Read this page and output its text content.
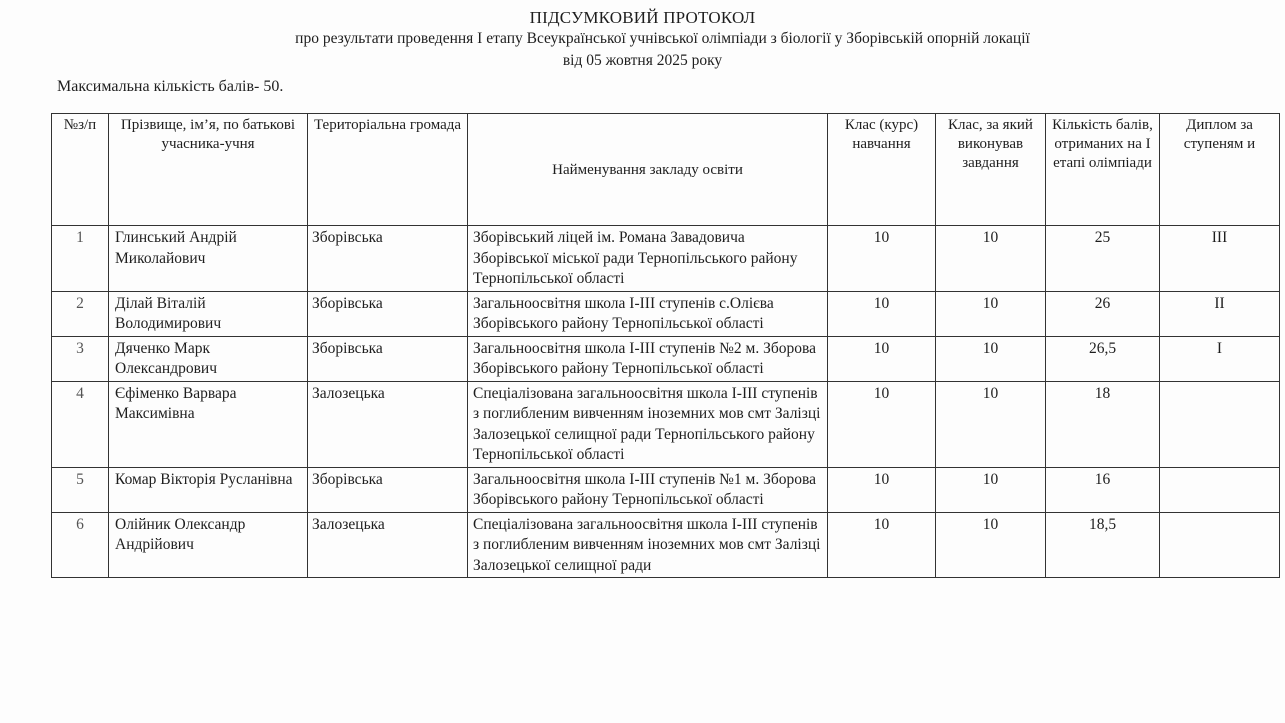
ПІДСУМКОВИЙ ПРОТОКОЛ
про результати проведення I етапу Всеукраїнської учнівської олімпіади з біології у Зборівській опорній локації
від 05 жовтня 2025 року
Максимальна кількість балів- 50.
№з/п	Прізвище, ім’я, по батькові учасника-учня	Територіальна громада	Найменування закладу освіти	Клас (курс) навчання	Клас, за який виконував завдання	Кількість балів, отриманих на I етапі олімпіади	Диплом за ступеням и
1	Глинський Андрій Миколайович	Зборівська	Зборівський ліцей ім. Романа Завадовича Зборівської міської ради Тернопільського району Тернопільської області	10	10	25	III
2	Ділай Віталій Володимирович	Зборівська	Загальноосвітня школа I-III ступенів с.Олієва Зборівського району Тернопільської області	10	10	26	II
3	Дяченко Марк Олександрович	Зборівська	Загальноосвітня школа I-III ступенів №2 м. Зборова Зборівського району Тернопільської області	10	10	26,5	I
4	Єфіменко Варвара Максимівна	Залозецька	Спеціалізована загальноосвітня школа I-III ступенів з поглибленим вивченням іноземних мов смт Залізці Залозецької селищної ради Тернопільського району Тернопільської області	10	10	18	
5	Комар Вікторія Русланівна	Зборівська	Загальноосвітня школа I-III ступенів №1 м. Зборова Зборівського району Тернопільської області	10	10	16	
6	Олійник Олександр Андрійович	Залозецька	Спеціалізована загальноосвітня школа I-III ступенів з поглибленим вивченням іноземних мов смт Залізці Залозецької селищної ради	10	10	18,5	
